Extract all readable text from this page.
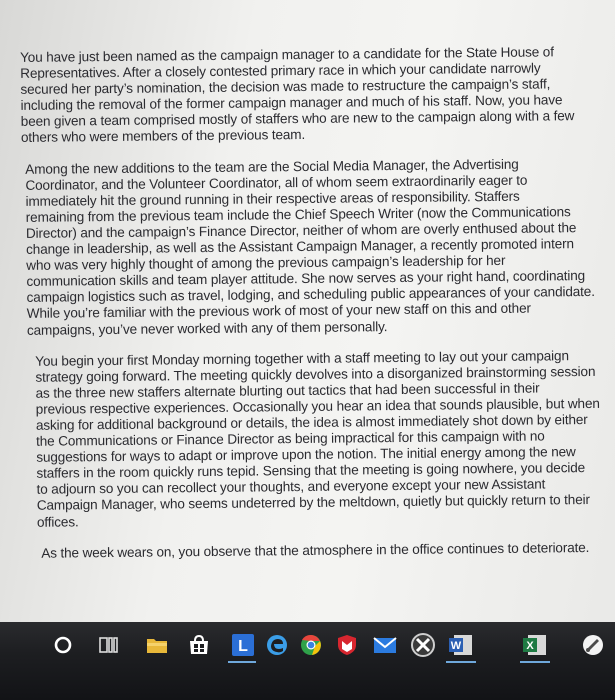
You have just been named as the campaign manager to a candidate for the State House of
Representatives. After a closely contested primary race in which your candidate narrowly
secured her party’s nomination, the decision was made to restructure the campaign’s staff,
including the removal of the former campaign manager and much of his staff. Now, you have
been given a team comprised mostly of staffers who are new to the campaign along with a few
others who were members of the previous team.

Among the new additions to the team are the Social Media Manager, the Advertising
Coordinator, and the Volunteer Coordinator, all of whom seem extraordinarily eager to
immediately hit the ground running in their respective areas of responsibility. Staffers
remaining from the previous team include the Chief Speech Writer (now the Communications
Director) and the campaign’s Finance Director, neither of whom are overly enthused about the
change in leadership, as well as the Assistant Campaign Manager, a recently promoted intern
who was very highly thought of among the previous campaign’s leadership for her
communication skills and team player attitude. She now serves as your right hand, coordinating
campaign logistics such as travel, lodging, and scheduling public appearances of your candidate.
While you’re familiar with the previous work of most of your new staff on this and other
campaigns, you’ve never worked with any of them personally.

You begin your first Monday morning together with a staff meeting to lay out your campaign
strategy going forward. The meeting quickly devolves into a disorganized brainstorming session
as the three new staffers alternate blurting out tactics that had been successful in their
previous respective experiences. Occasionally you hear an idea that sounds plausible, but when
asking for additional background or details, the idea is almost immediately shot down by either
the Communications or Finance Director as being impractical for this campaign with no
suggestions for ways to adapt or improve upon the notion. The initial energy among the new
staffers in the room quickly runs tepid. Sensing that the meeting is going nowhere, you decide
to adjourn so you can recollect your thoughts, and everyone except your new Assistant
Campaign Manager, who seems undeterred by the meltdown, quietly but quickly return to their
offices.

As the week wears on, you observe that the atmosphere in the office continues to deteriorate.

L	W	X
